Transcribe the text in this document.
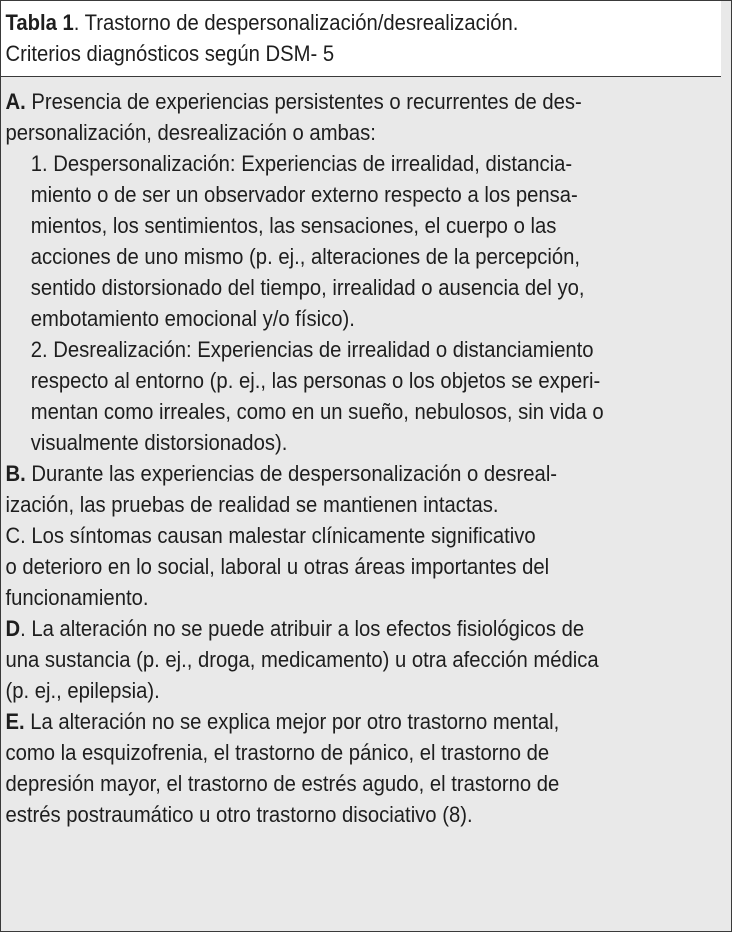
Tabla 1. Trastorno de despersonalización/desrealización.
Criterios diagnósticos según DSM- 5
A. Presencia de experiencias persistentes o recurrentes de des-
personalización, desrealización o ambas:
1. Despersonalización: Experiencias de irrealidad, distancia-
miento o de ser un observador externo respecto a los pensa-
mientos, los sentimientos, las sensaciones, el cuerpo o las
acciones de uno mismo (p. ej., alteraciones de la percepción,
sentido distorsionado del tiempo, irrealidad o ausencia del yo,
embotamiento emocional y/o físico).
2. Desrealización: Experiencias de irrealidad o distanciamiento
respecto al entorno (p. ej., las personas o los objetos se experi-
mentan como irreales, como en un sueño, nebulosos, sin vida o
visualmente distorsionados).
B. Durante las experiencias de despersonalización o desreal-
ización, las pruebas de realidad se mantienen intactas.
C. Los síntomas causan malestar clínicamente significativo
o deterioro en lo social, laboral u otras áreas importantes del
funcionamiento.
D. La alteración no se puede atribuir a los efectos fisiológicos de
una sustancia (p. ej., droga, medicamento) u otra afección médica
(p. ej., epilepsia).
E. La alteración no se explica mejor por otro trastorno mental,
como la esquizofrenia, el trastorno de pánico, el trastorno de
depresión mayor, el trastorno de estrés agudo, el trastorno de
estrés postraumático u otro trastorno disociativo (8).
